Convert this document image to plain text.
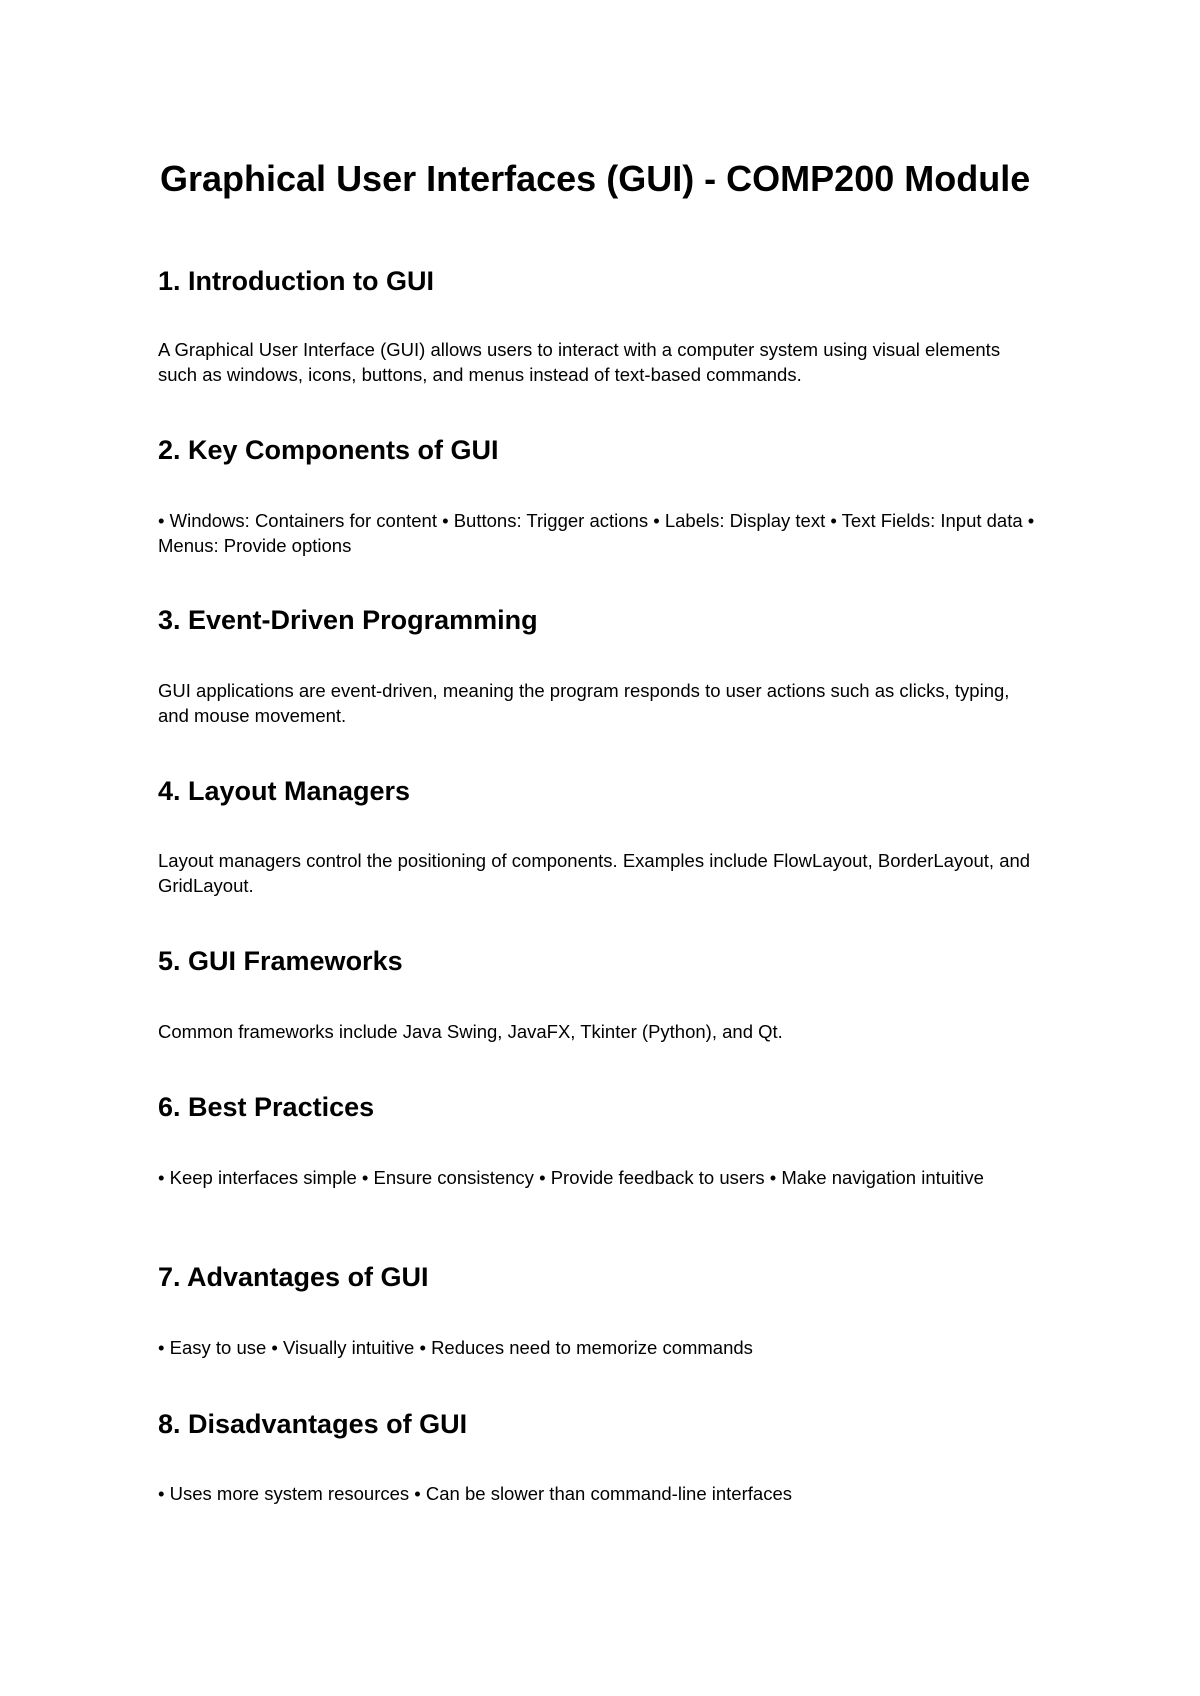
Graphical User Interfaces (GUI) - COMP200 Module
1. Introduction to GUI

A Graphical User Interface (GUI) allows users to interact with a computer system using visual elements such as windows, icons, buttons, and menus instead of text-based commands.

2. Key Components of GUI

• Windows: Containers for content • Buttons: Trigger actions • Labels: Display text • Text Fields: Input data • Menus: Provide options

3. Event-Driven Programming

GUI applications are event-driven, meaning the program responds to user actions such as clicks, typing, and mouse movement.

4. Layout Managers

Layout managers control the positioning of components. Examples include FlowLayout, BorderLayout, and GridLayout.

5. GUI Frameworks

Common frameworks include Java Swing, JavaFX, Tkinter (Python), and Qt.

6. Best Practices

• Keep interfaces simple • Ensure consistency • Provide feedback to users • Make navigation intuitive

7. Advantages of GUI

• Easy to use • Visually intuitive • Reduces need to memorize commands

8. Disadvantages of GUI

• Uses more system resources • Can be slower than command-line interfaces
